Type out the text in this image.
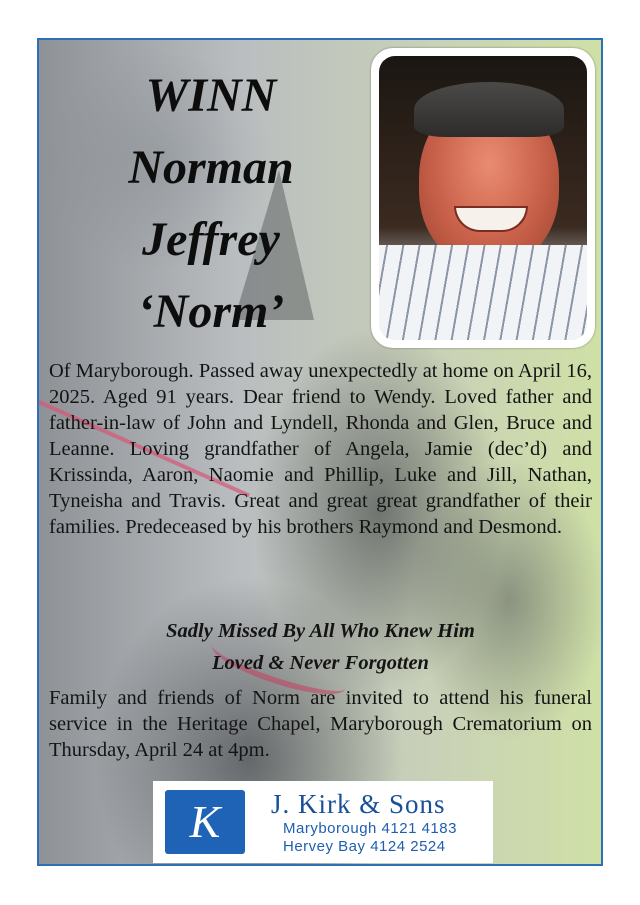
WINN
Norman
Jeffrey
‘Norm’

Of Maryborough. Passed away unexpectedly at home on April 16, 2025. Aged 91 years. Dear friend to Wendy. Loved father and father-in-law of John and Lyndell, Rhonda and Glen, Bruce and Leanne. Loving grandfather of Angela, Jamie (dec’d) and Krissinda, Aaron, Naomie and Phillip, Luke and Jill, Nathan, Tyneisha and Travis. Great and great great grandfather of their families. Predeceased by his brothers Raymond and Desmond.

Sadly Missed By All Who Knew Him

Loved & Never Forgotten

Family and friends of Norm are invited to attend his funeral service in the Heritage Chapel, Maryborough Crematorium on Thursday, April 24 at 4pm.

K J. Kirk & Sons
Maryborough 4121 4183
Hervey Bay 4124 2524
